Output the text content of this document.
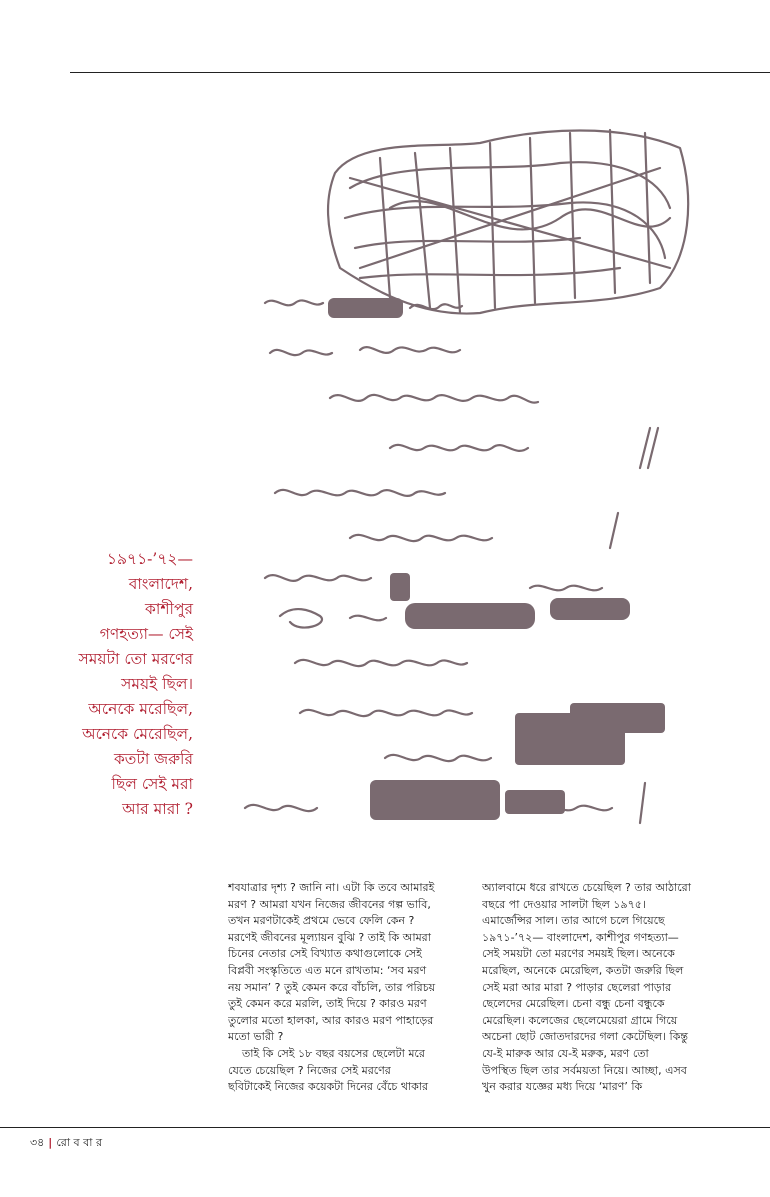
১৯৭১-’৭২—
বাংলাদেশ,
কাশীপুর
গণহত্যা— সেই
সময়টা তো মরণের
সময়ই ছিল।
অনেকে মরেছিল,
অনেকে মেরেছিল,
কতটা জরুরি
ছিল সেই মরা
আর মারা ?
শবযাত্রার দৃশ্য ? জানি না। এটা কি তবে আমারই
মরণ ? আমরা যখন নিজের জীবনের গল্প ভাবি,
তখন মরণটাকেই প্রথমে ভেবে ফেলি কেন ?
মরণেই জীবনের মূল্যায়ন বুঝি ? তাই কি আমরা
চিনের নেতার সেই বিখ্যাত কথাগুলোকে সেই
বিপ্লবী সংস্কৃতিতে এত মনে রাখতাম: ‘সব মরণ
নয় সমান’ ? তুই কেমন করে বাঁচলি, তার পরিচয়
তুই কেমন করে মরলি, তাই দিয়ে ? কারও মরণ
তুলোর মতো হালকা, আর কারও মরণ পাহাড়ের
মতো ভারী ?
তাই কি সেই ১৮ বছর বয়সের ছেলেটা মরে
যেতে চেয়েছিল ? নিজের সেই মরণের
ছবিটাকেই নিজের কয়েকটা দিনের বেঁচে থাকার
অ্যালবামে ধরে রাখতে চেয়েছিল ? তার আঠারো
বছরে পা দেওয়ার সালটা ছিল ১৯৭৫।
এমার্জেন্সির সাল। তার আগে চলে গিয়েছে
১৯৭১-’৭২— বাংলাদেশ, কাশীপুর গণহত্যা—
সেই সময়টা তো মরণের সময়ই ছিল। অনেকে
মরেছিল, অনেকে মেরেছিল, কতটা জরুরি ছিল
সেই মরা আর মারা ? পাড়ার ছেলেরা পাড়ার
ছেলেদের মেরেছিল। চেনা বন্ধু চেনা বন্ধুকে
মেরেছিল। কলেজের ছেলেমেয়েরা গ্রামে গিয়ে
অচেনা ছোট জোতদারদের গলা কেটেছিল। কিন্তু
যে-ই মারুক আর যে-ই মরুক, মরণ তো
উপস্থিত ছিল তার সর্বময়তা নিয়ে। আচ্ছা, এসব
খুন করার যজ্ঞের মধ্য দিয়ে ‘মারণ’ কি
৩৪ | রো ব বা র
